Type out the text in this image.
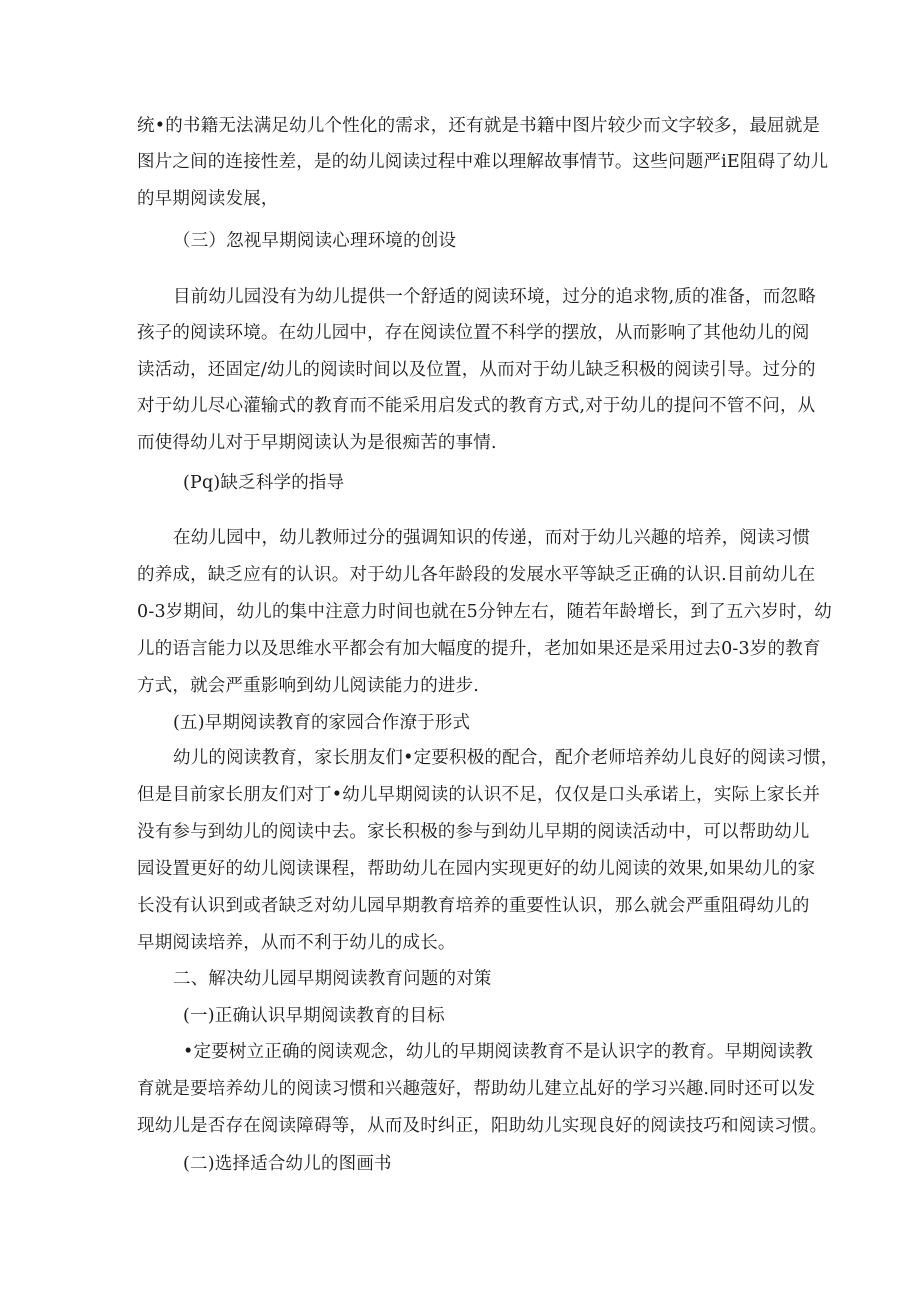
统•的书籍无法满足幼儿个性化的需求，还有就是书籍中图片较少而文字较多，最屈就是
图片之间的连接性差，是的幼儿阅读过程中难以理解故事情节。这些问题严iE阻碍了幼儿
的早期阅读发展，
（三）忽视早期阅读心理环境的创设
目前幼儿园没有为幼儿提供一个舒适的阅读环境，过分的追求物,质的准备，而忽略
孩子的阅读环境。在幼儿园中，存在阅读位置不科学的摆放，从而影响了其他幼儿的阅
读活动，还固定/幼儿的阅读时间以及位置，从而对于幼儿缺乏积极的阅读引导。过分的
对于幼儿尽心灌输式的教育而不能采用启发式的教育方式,对于幼儿的提问不管不问，从
而使得幼儿对于早期阅读认为是很痴苦的事情.
(Pq)缺乏科学的指导
在幼儿园中，幼儿教师过分的强调知识的传递，而对于幼儿兴趣的培养，阅读习惯
的养成，缺乏应有的认识。对于幼儿各年龄段的发展水平等缺乏正确的认识.目前幼儿在
0-3岁期间，幼儿的集中注意力时间也就在5分钟左右，随若年龄增长，到了五六岁时，幼
儿的语言能力以及思维水平都会有加大幅度的提升，老加如果还是采用过去0-3岁的教育
方式，就会严重影响到幼儿阅读能力的进步.
(五)早期阅读教育的家园合作潦于形式
幼儿的阅读教育，家长朋友们•定要积极的配合，配介老师培养幼儿良好的阅读习惯，
但是目前家长朋友们对丁•幼儿早期阅读的认识不足，仅仅是口头承诺上，实际上家长并
没有参与到幼儿的阅读中去。家长积极的参与到幼儿早期的阅读活动中，可以帮助幼儿
园设置更好的幼儿阅读课程，帮助幼儿在园内实现更好的幼儿阅读的效果,如果幼儿的家
长没有认识到或者缺乏对幼儿园早期教育培养的重要性认识，那么就会严重阻碍幼儿的
早期阅读培养，从而不利于幼儿的成长。
二、解决幼儿园早期阅读教育问题的对策
(一)正确认识早期阅读教育的目标
•定要树立正确的阅读观念，幼儿的早期阅读教育不是认识字的教育。早期阅读教
育就是要培养幼儿的阅读习惯和兴趣蔻好，帮助幼儿建立乩好的学习兴趣.同时还可以发
现幼儿是否存在阅读障碍等，从而及时纠正，阳助幼儿实现良好的阅读技巧和阅读习惯。
(二)选择适合幼儿的图画书
